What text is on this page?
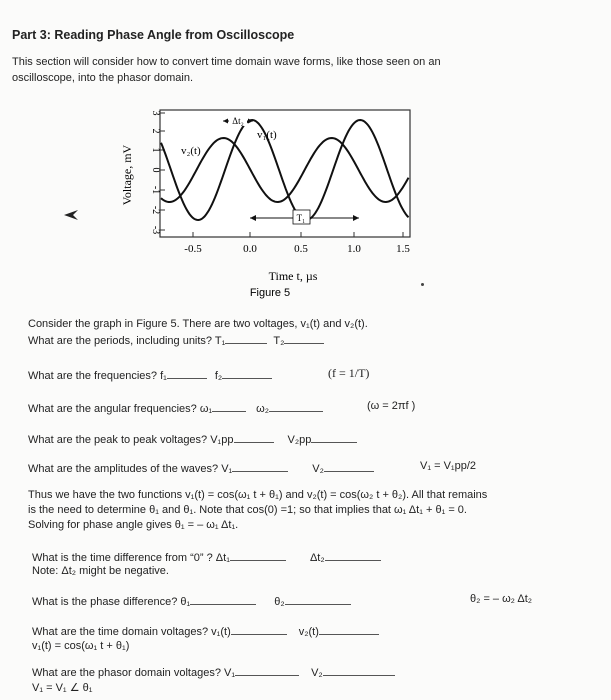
Part 3: Reading Phase Angle from Oscilloscope
This section will consider how to convert time domain wave forms, like those seen on an
oscilloscope, into the phasor domain.
3
2
1
0
-1
-2
-3
Voltage, mV
-0.5	0.0	0.5	1.0	1.5
Δt₂
T₁
v₂(t)
v₁(t)
Time t, µs
Figure 5
Consider the graph in Figure 5. There are two voltages, v₁(t) and v₂(t).
What are the periods, including units? T₁	T₂
What are the frequencies? f₁	f₂	(f = 1/T)
What are the angular frequencies? ω₁	ω₂	(ω = 2πf )
What are the peak to peak voltages? V₁pp	V₂pp
What are the amplitudes of the waves? V₁	V₂	V₁ = V₁pp/2
Thus we have the two functions v₁(t) = cos(ω₁ t + θ₁) and v₂(t) = cos(ω₂ t + θ₂). All that remains
is the need to determine θ₁ and θ₁. Note that cos(0) =1; so that implies that ω₁ Δt₁ + θ₁ = 0.
Solving for phase angle gives θ₁ = – ω₁ Δt₁.
What is the time difference from “0” ? Δt₁	Δt₂
Note: Δt₂ might be negative.
What is the phase difference? θ₁	θ₂	θ₂ = – ω₂ Δt₂
What are the time domain voltages? v₁(t)	v₂(t)
v₁(t) = cos(ω₁ t + θ₁)
What are the phasor domain voltages? V₁	V₂
V₁ = V₁ ∠ θ₁
